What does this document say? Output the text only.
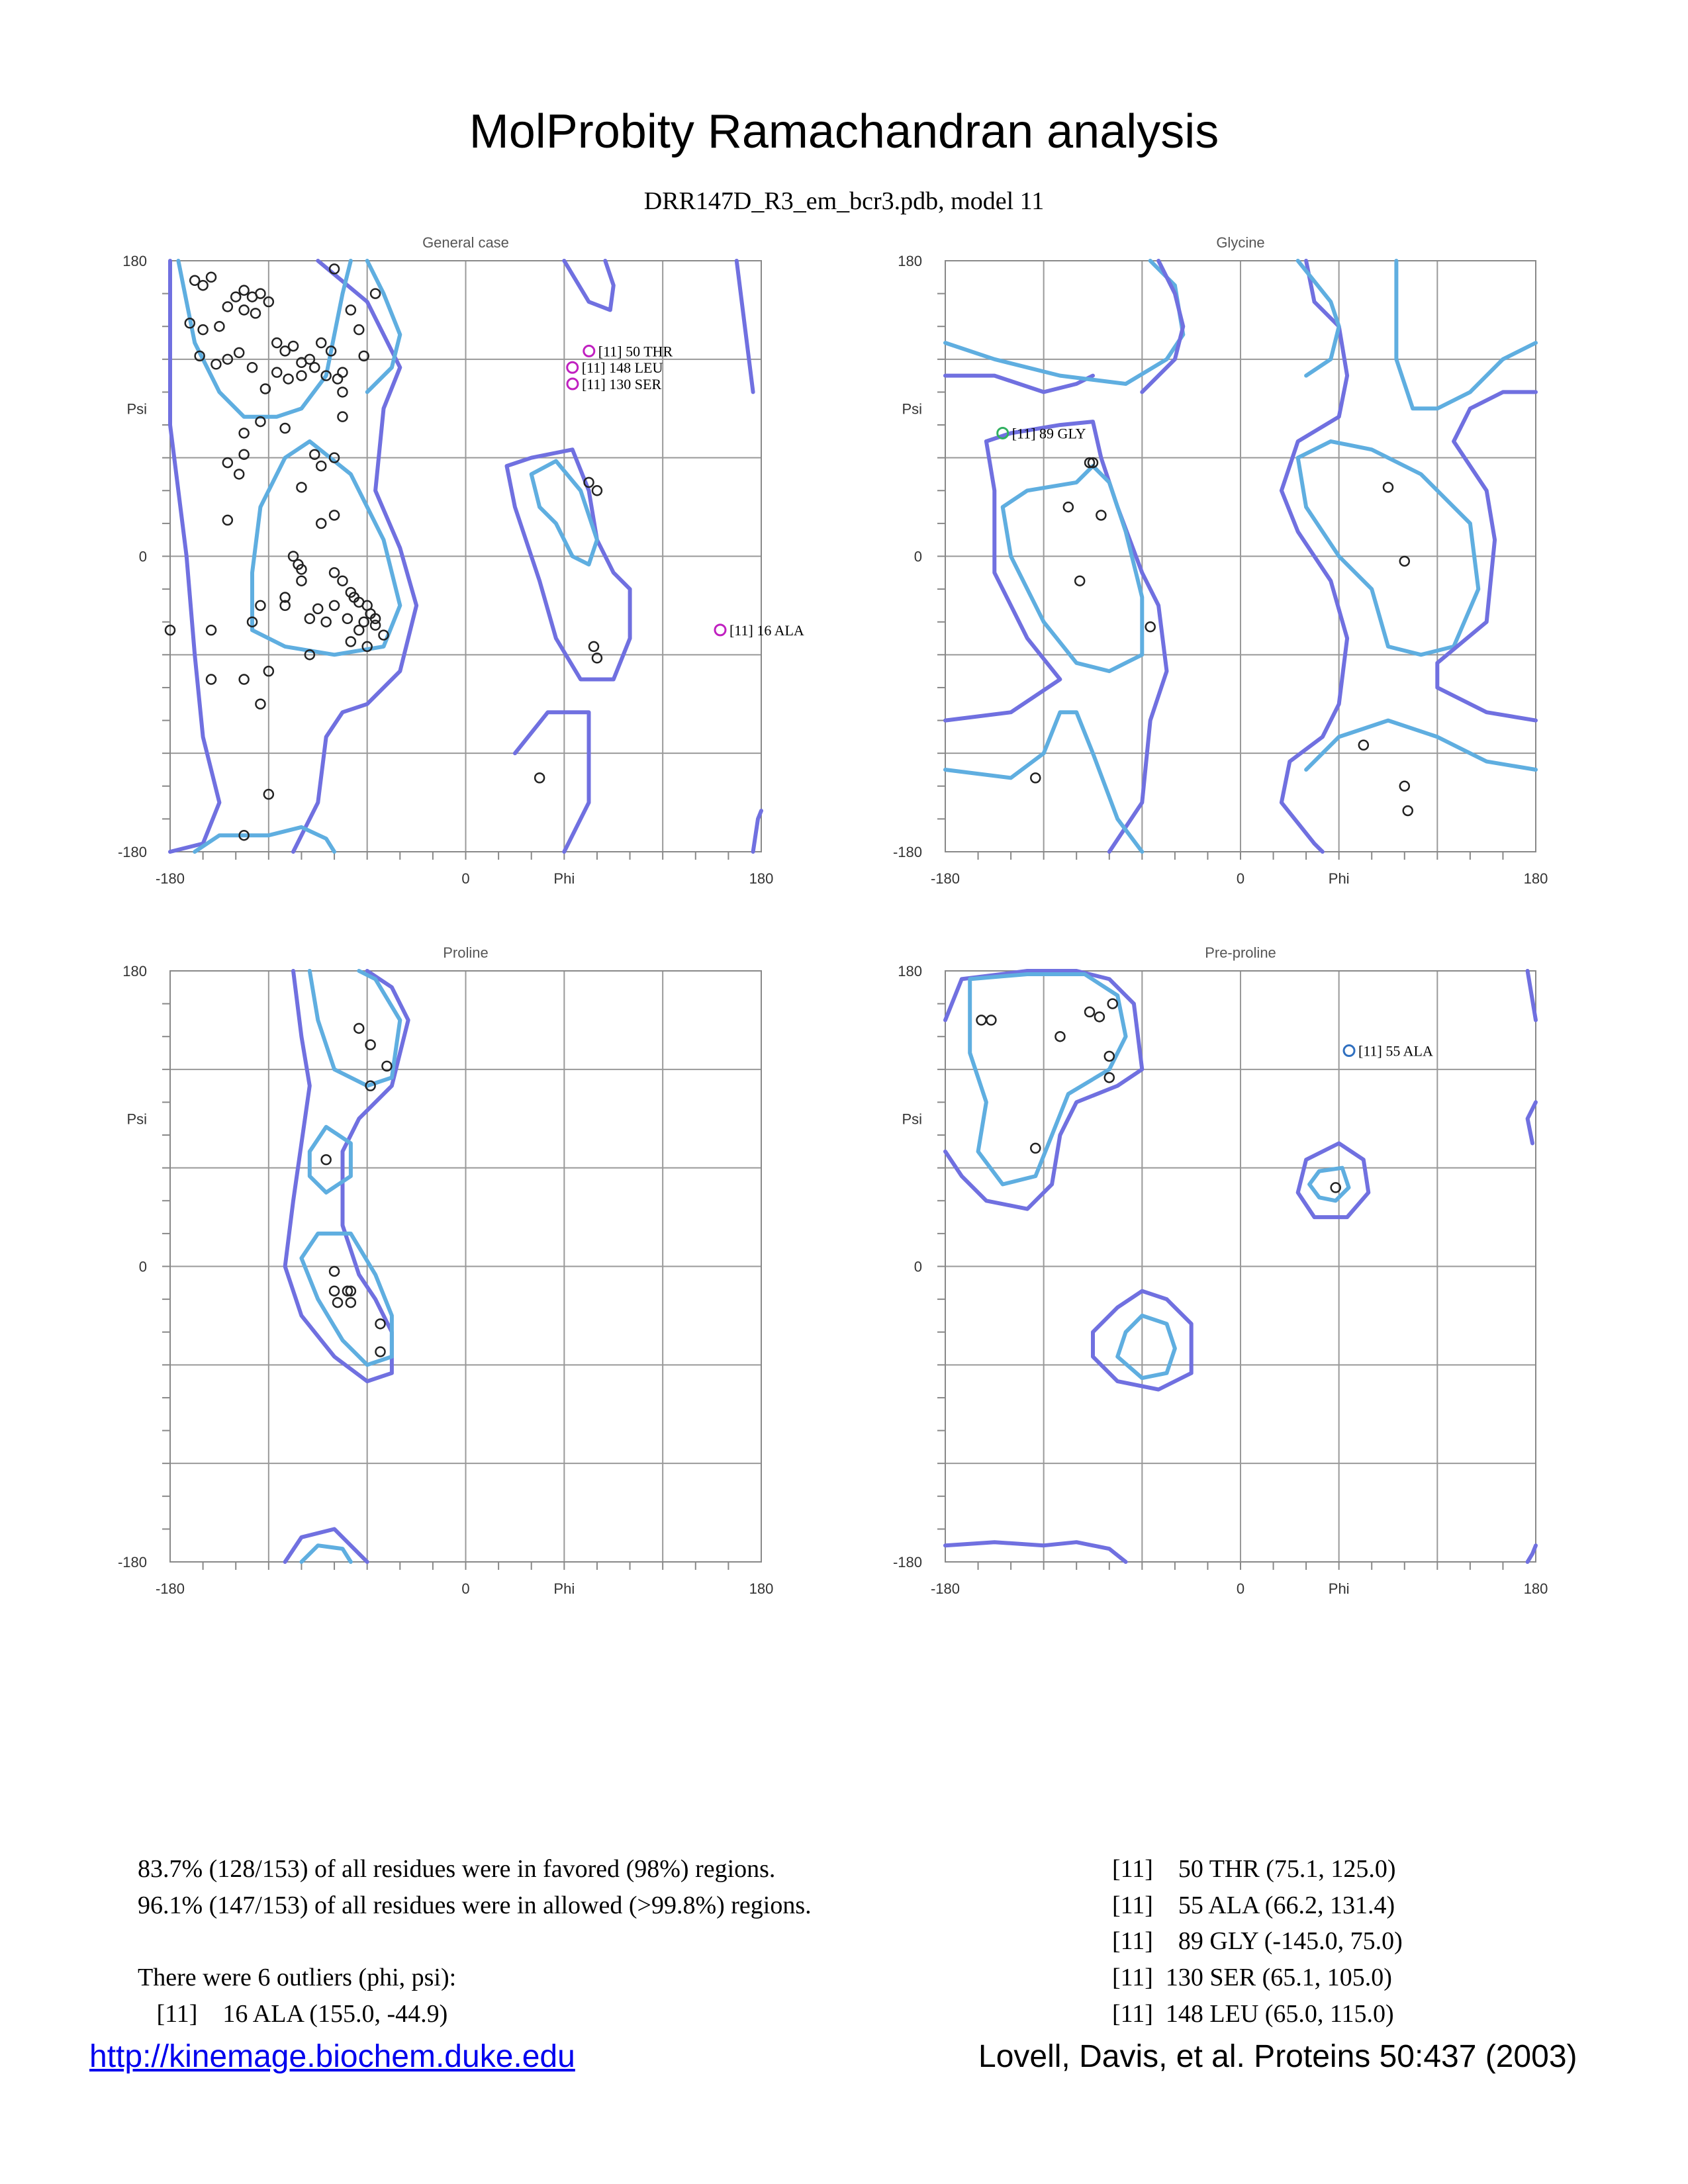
MolProbity Ramachandran analysis
DRR147D_R3_em_bcr3.pdb, model 11
General case
-180	0	180
Phi
180
0
-180
Psi
[11] 50 THR
[11] 148 LEU
[11] 130 SER
[11] 16 ALA
Glycine
-180	0	180
Phi
180
0
-180
Psi
[11] 89 GLY
Proline
-180	0	180
Phi
180
0
-180
Psi
Pre-proline
-180	0	180
Phi
180
0
-180
Psi
[11] 55 ALA
83.7% (128/153) of all residues were in favored (98%) regions.
96.1% (147/153) of all residues were in allowed (>99.8%) regions.
There were 6 outliers (phi, psi):
[11]    16 ALA (155.0, -44.9)
[11]    50 THR (75.1, 125.0)
[11]    55 ALA (66.2, 131.4)
[11]    89 GLY (-145.0, 75.0)
[11]  130 SER (65.1, 105.0)
[11]  148 LEU (65.0, 115.0)
http://kinemage.biochem.duke.edu	Lovell, Davis, et al. Proteins 50:437 (2003)
